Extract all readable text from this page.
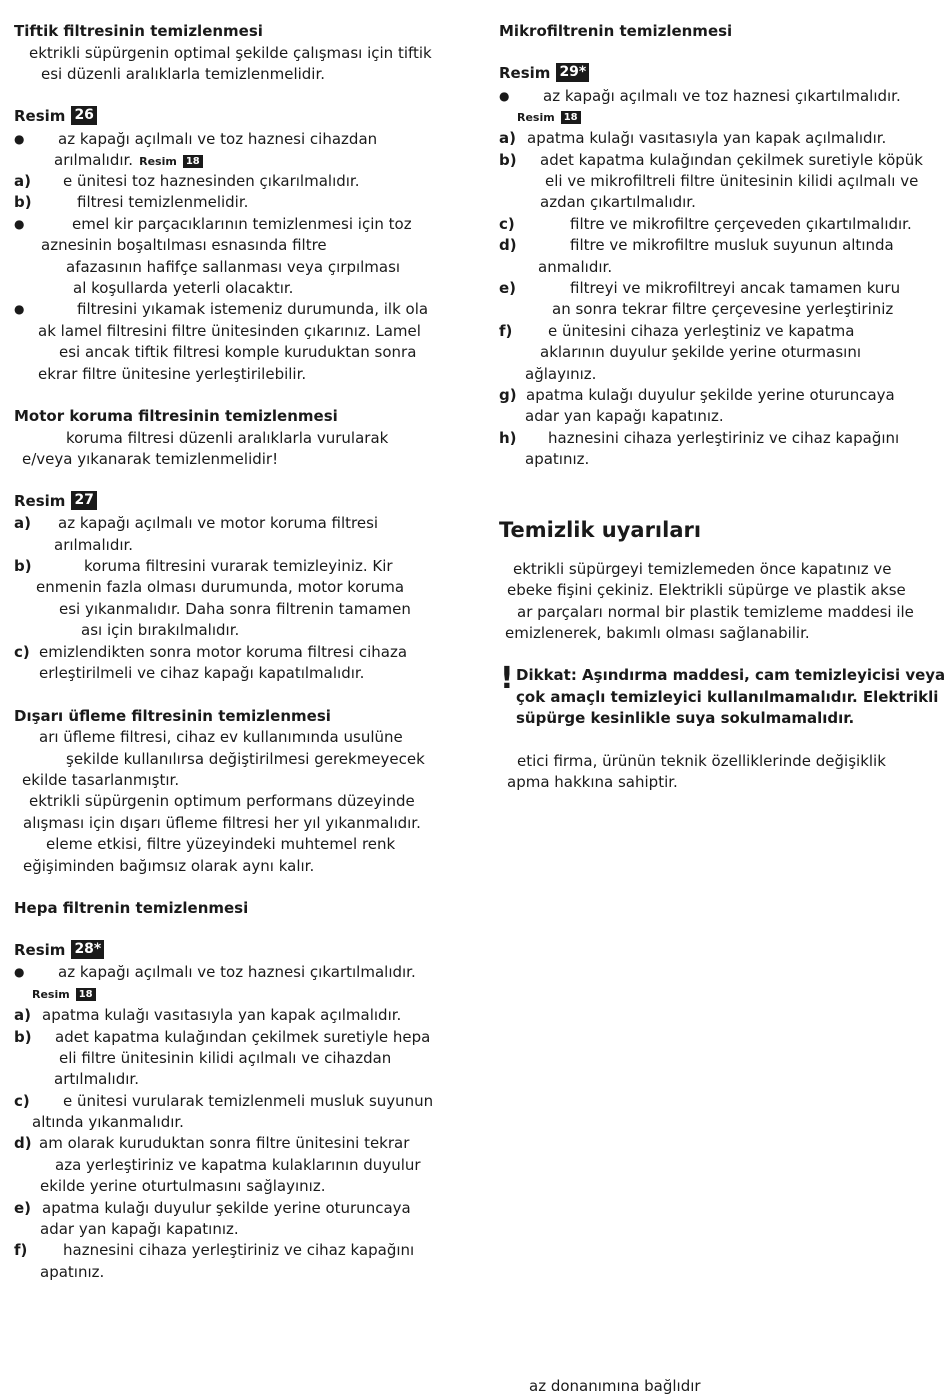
Tiftik filtresinin temizlenmesi
ektrikli süpürgenin optimal şekilde çalışması için tiftik
esi düzenli aralıklarla temizlenmelidir.
Resim 26
● az kapağı açılmalı ve toz haznesi cihazdan
arılmalıdır. Resim 18
a) e ünitesi toz haznesinden çıkarılmalıdır.
b)	filtresi temizlenmelidir.
●	emel kir parçacıklarının temizlenmesi için toz
aznesinin boşaltılması esnasında filtre
afazasının hafifçe sallanması veya çırpılması
al koşullarda yeterli olacaktır.
●	filtresini yıkamak istemeniz durumunda, ilk ola
ak lamel filtresini filtre ünitesinden çıkarınız. Lamel
esi ancak tiftik filtresi komple kuruduktan sonra
ekrar filtre ünitesine yerleştirilebilir.
Motor koruma filtresinin temizlenmesi
koruma filtresi düzenli aralıklarla vurularak
e/veya yıkanarak temizlenmelidir!
Resim 27
a) az kapağı açılmalı ve motor koruma filtresi
arılmalıdır.
b)	koruma filtresini vurarak temizleyiniz. Kir
enmenin fazla olması durumunda, motor koruma
esi yıkanmalıdır. Daha sonra filtrenin tamamen
ası için bırakılmalıdır.
c) emizlendikten sonra motor koruma filtresi cihaza
erleştirilmeli ve cihaz kapağı kapatılmalıdır.
Dışarı üfleme filtresinin temizlenmesi
arı üfleme filtresi, cihaz ev kullanımında usulüne
şekilde kullanılırsa değiştirilmesi gerekmeyecek
ekilde tasarlanmıştır.
ektrikli süpürgenin optimum performans düzeyinde
alışması için dışarı üfleme filtresi her yıl yıkanmalıdır.
eleme etkisi, filtre yüzeyindeki muhtemel renk
eğişiminden bağımsız olarak aynı kalır.
Hepa filtrenin temizlenmesi
Resim 28*
● az kapağı açılmalı ve toz haznesi çıkartılmalıdır.
Resim 18
a) apatma kulağı vasıtasıyla yan kapak açılmalıdır.
b) adet kapatma kulağından çekilmek suretiyle hepa
eli filtre ünitesinin kilidi açılmalı ve cihazdan
artılmalıdır.
c) e ünitesi vurularak temizlenmeli musluk suyunun
altında yıkanmalıdır.
d) am olarak kuruduktan sonra filtre ünitesini tekrar
aza yerleştiriniz ve kapatma kulaklarının duyulur
ekilde yerine oturtulmasını sağlayınız.
e) apatma kulağı duyulur şekilde yerine oturuncaya
adar yan kapağı kapatınız.
f) haznesini cihaza yerleştiriniz ve cihaz kapağını
apatınız.
Mikrofiltrenin temizlenmesi
Resim 29*
● az kapağı açılmalı ve toz haznesi çıkartılmalıdır.
Resim 18
a) apatma kulağı vasıtasıyla yan kapak açılmalıdır.
b) adet kapatma kulağından çekilmek suretiyle köpük
eli ve mikrofiltreli filtre ünitesinin kilidi açılmalı ve
azdan çıkartılmalıdır.
c)	filtre ve mikrofiltre çerçeveden çıkartılmalıdır.
d)	filtre ve mikrofiltre musluk suyunun altında
anmalıdır.
e)	filtreyi ve mikrofiltreyi ancak tamamen kuru
an sonra tekrar filtre çerçevesine yerleştiriniz
f) e ünitesini cihaza yerleştiniz ve kapatma
aklarının duyulur şekilde yerine oturmasını
ağlayınız.
g) apatma kulağı duyulur şekilde yerine oturuncaya
adar yan kapağı kapatınız.
h) haznesini cihaza yerleştiriniz ve cihaz kapağını
apatınız.
Temizlik uyarıları
ektrikli süpürgeyi temizlemeden önce kapatınız ve
ebeke fişini çekiniz. Elektrikli süpürge ve plastik akse
ar parçaları normal bir plastik temizleme maddesi ile
emizlenerek, bakımlı olması sağlanabilir.
! Dikkat: Aşındırma maddesi, cam temizleyicisi veya
çok amaçlı temizleyici kullanılmamalıdır. Elektrikli
süpürge kesinlikle suya sokulmamalıdır.
etici firma, ürünün teknik özelliklerinde değişiklik
apma hakkına sahiptir.
az donanımına bağlıdır
